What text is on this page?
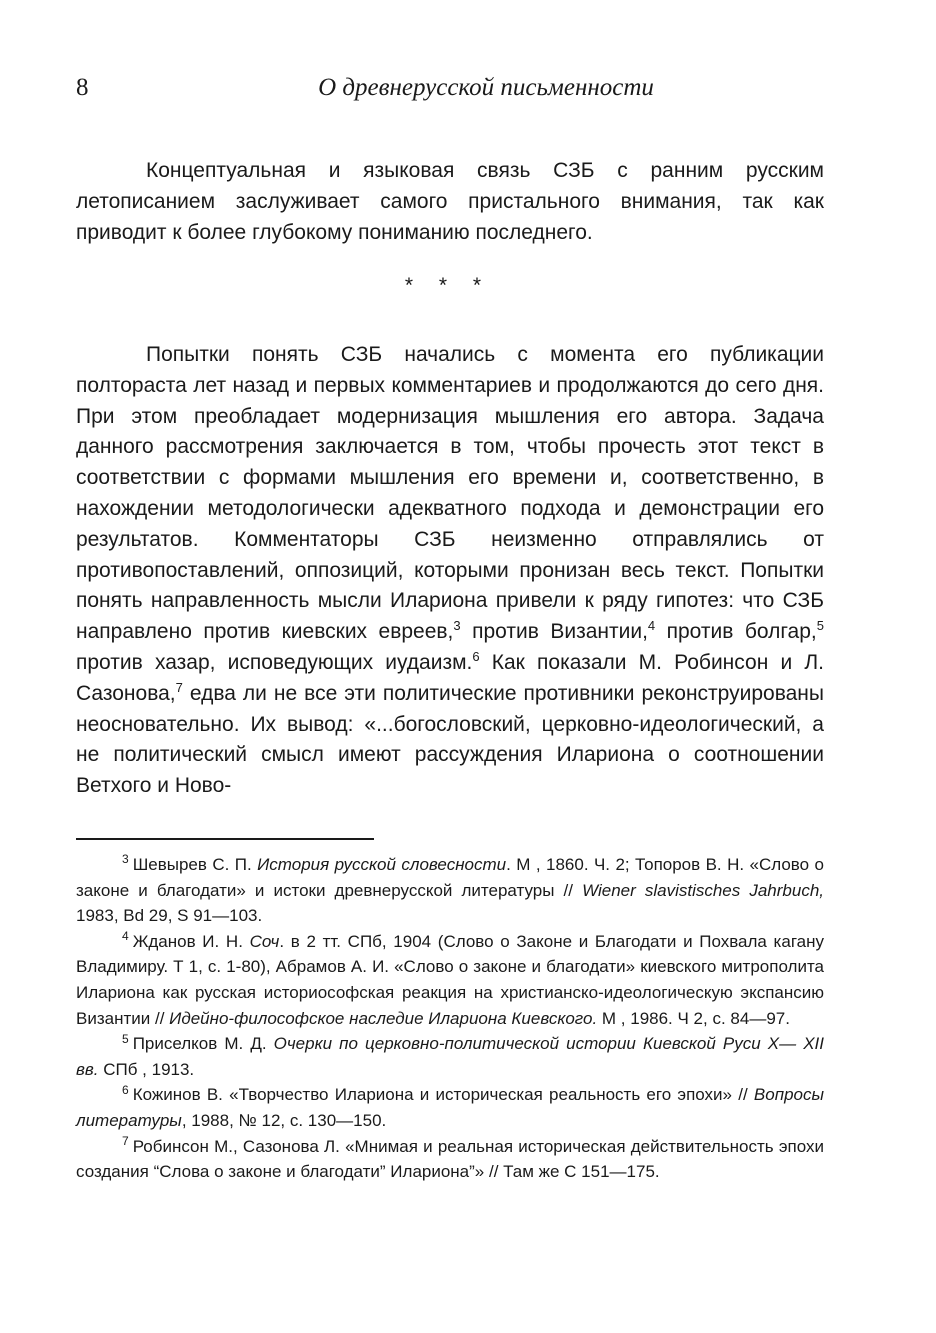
8	О древнерусской письменности

Концептуальная и языковая связь СЗБ с ранним русским летописанием заслуживает самого пристального внимания, так как приводит к более глубокому пониманию последнего.

* * *

Попытки понять СЗБ начались с момента его публикации полтораста лет назад и первых комментариев и продолжаются до сего дня. При этом преобладает модернизация мышления его автора. Задача данного рассмотрения заключается в том, чтобы прочесть этот текст в соответствии с формами мышления его времени и, соответственно, в нахождении методологически адекватного подхода и демонстрации его результатов. Комментаторы СЗБ неизменно отправлялись от противопоставлений, оппозиций, которыми пронизан весь текст. Попытки понять направленность мысли Илариона привели к ряду гипотез: что СЗБ направлено против киевских евреев,$^3$ против Византии,$^4$ против болгар,$^5$ против хазар, исповедующих иудаизм.$^6$ Как показали М. Робинсон и Л. Сазонова,$^7$ едва ли не все эти политические противники реконструированы неосновательно. Их вывод: «...богословский, церковно-идеологический, а не политический смысл имеют рассуждения Илариона о соотношении Ветхого и Ново-

$^3$ Шевырев С. П. История русской словесности. М , 1860. Ч. 2; Топоров В. Н. «Слово о законе и благодати» и истоки древнерусской литературы // Wiener slavistisches Jahrbuch, 1983, Bd 29, S 91—103.

$^4$ Жданов И. Н. Соч. в 2 тт. СПб, 1904 (Слово о Законе и Благодати и Похвала кагану Владимиру. Т 1, с. 1-80), Абрамов А. И. «Слово о законе и благодати» киевского митрополита Илариона как русская историософская реакция на христианско-идеологическую экспансию Византии // Идейно-философское наследие Илариона Киевского. М , 1986. Ч 2, с. 84—97.

$^5$ Приселков М. Д. Очерки по церковно-политической истории Киевской Руси X— XII вв. СПб , 1913.

$^6$ Кожинов В. «Творчество Илариона и историческая реальность его эпохи» // Вопросы литературы, 1988, № 12, с. 130—150.

$^7$ Робинсон М., Сазонова Л. «Мнимая и реальная историческая действительность эпохи создания “Слова о законе и благодати” Илариона”» // Там же С 151—175.
